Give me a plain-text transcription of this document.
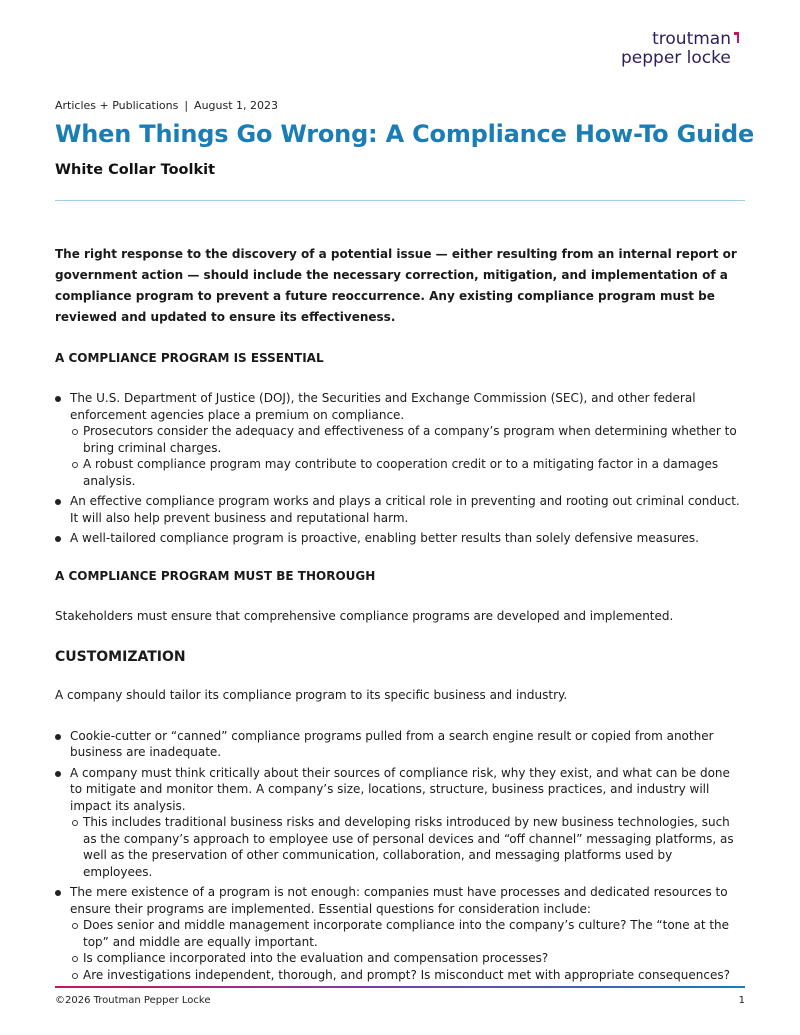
troutman
pepper locke
Articles + Publications | August 1, 2023
When Things Go Wrong: A Compliance How-To Guide
White Collar Toolkit

The right response to the discovery of a potential issue — either resulting from an internal report or government action — should include the necessary correction, mitigation, and implementation of a compliance program to prevent a future reoccurrence. Any existing compliance program must be reviewed and updated to ensure its effectiveness.

A COMPLIANCE PROGRAM IS ESSENTIAL
The U.S. Department of Justice (DOJ), the Securities and Exchange Commission (SEC), and other federal enforcement agencies place a premium on compliance.
Prosecutors consider the adequacy and effectiveness of a company’s program when determining whether to bring criminal charges.
A robust compliance program may contribute to cooperation credit or to a mitigating factor in a damages analysis.
An effective compliance program works and plays a critical role in preventing and rooting out criminal conduct. It will also help prevent business and reputational harm.
A well-tailored compliance program is proactive, enabling better results than solely defensive measures.
A COMPLIANCE PROGRAM MUST BE THOROUGH

Stakeholders must ensure that comprehensive compliance programs are developed and implemented.

CUSTOMIZATION

A company should tailor its compliance program to its specific business and industry.

Cookie-cutter or “canned” compliance programs pulled from a search engine result or copied from another business are inadequate.
A company must think critically about their sources of compliance risk, why they exist, and what can be done to mitigate and monitor them. A company’s size, locations, structure, business practices, and industry will impact its analysis.
This includes traditional business risks and developing risks introduced by new business technologies, such as the company’s approach to employee use of personal devices and “off channel” messaging platforms, as well as the preservation of other communication, collaboration, and messaging platforms used by employees.
The mere existence of a program is not enough: companies must have processes and dedicated resources to ensure their programs are implemented. Essential questions for consideration include:
Does senior and middle management incorporate compliance into the company’s culture? The “tone at the top” and middle are equally important.
Is compliance incorporated into the evaluation and compensation processes?
Are investigations independent, thorough, and prompt? Is misconduct met with appropriate consequences?
©2026 Troutman Pepper Locke	1
